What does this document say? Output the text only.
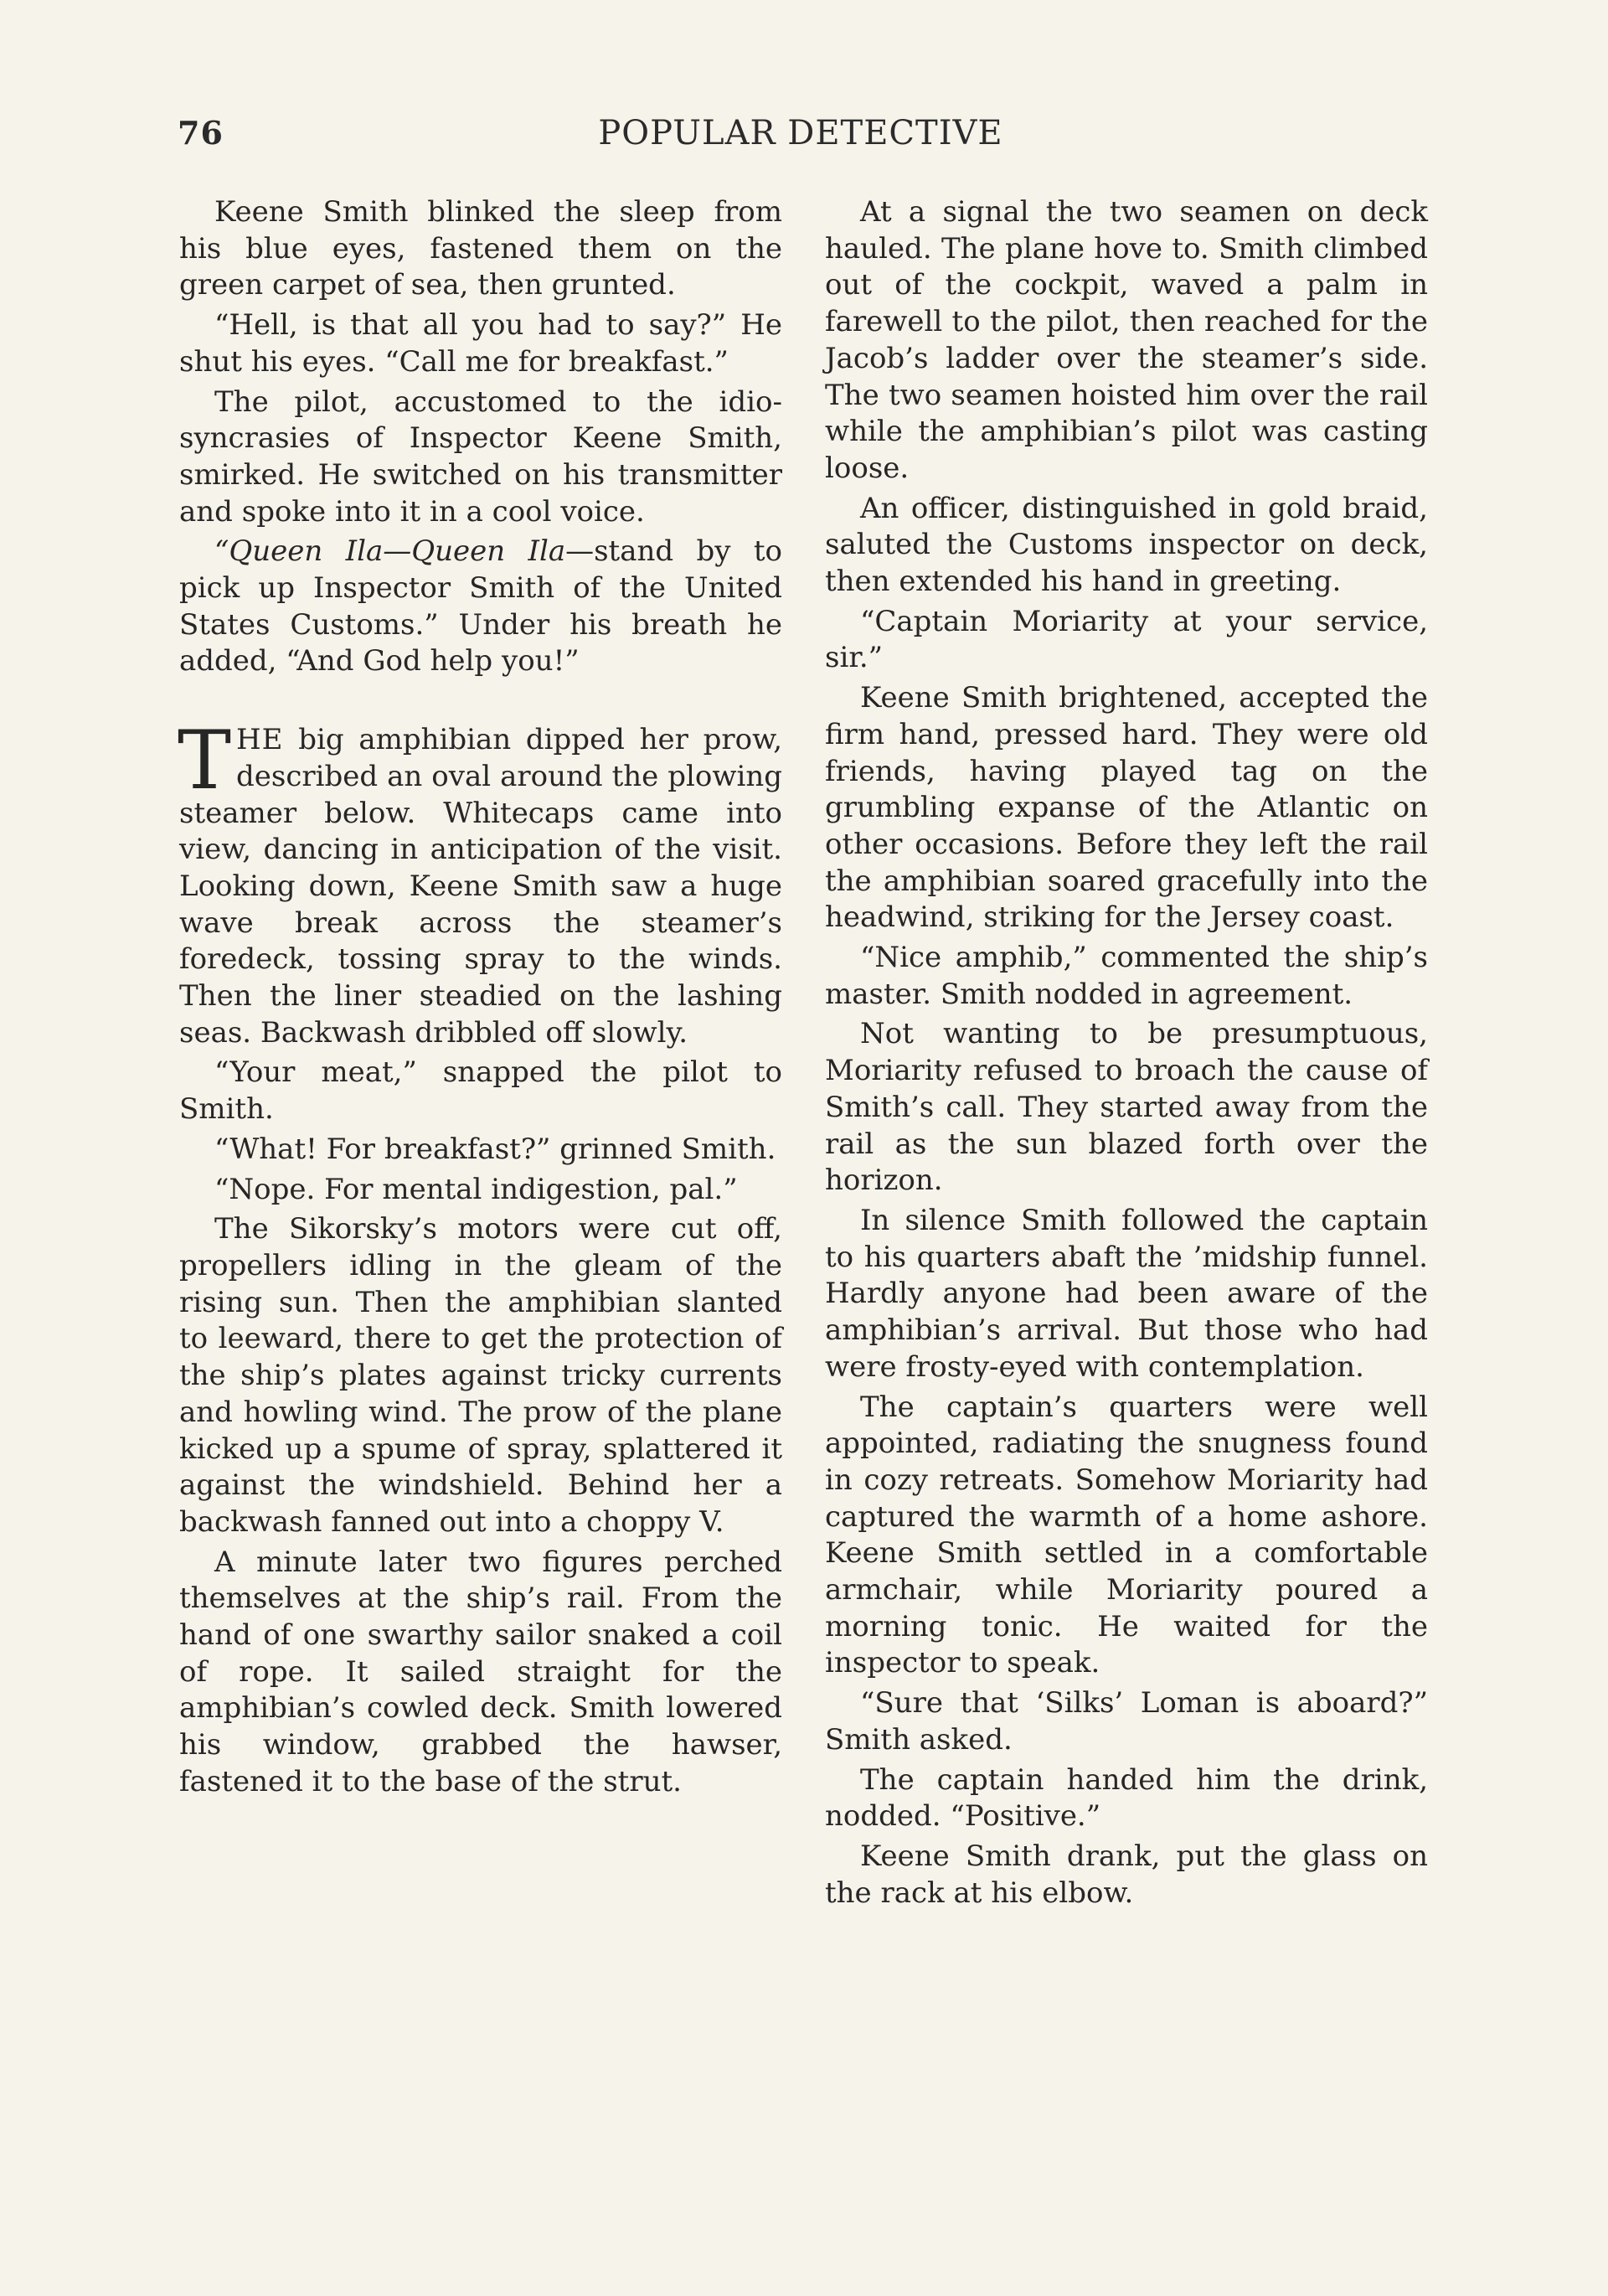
76	POPULAR DETECTIVE

Keene Smith blinked the sleep from his blue eyes, fastened them on the green carpet of sea, then grunted.

“Hell, is that all you had to say?” He shut his eyes. “Call me for breakfast.”

The pilot, accustomed to the idiosyncrasies of Inspector Keene Smith, smirked. He switched on his transmitter and spoke into it in a cool voice.

“Queen Ila—Queen Ila—stand by to pick up Inspector Smith of the United States Customs.” Under his breath he added, “And God help you!”

THE big amphibian dipped her prow, described an oval around the plowing steamer below. Whitecaps came into view, dancing in anticipation of the visit. Looking down, Keene Smith saw a huge wave break across the steamer’s foredeck, tossing spray to the winds. Then the liner steadied on the lashing seas. Backwash dribbled off slowly.

“Your meat,” snapped the pilot to Smith.

“What! For breakfast?” grinned Smith.

“Nope. For mental indigestion, pal.”

The Sikorsky’s motors were cut off, propellers idling in the gleam of the rising sun. Then the amphibian slanted to leeward, there to get the protection of the ship’s plates against tricky currents and howling wind. The prow of the plane kicked up a spume of spray, splattered it against the windshield. Behind her a backwash fanned out into a choppy V.

A minute later two figures perched themselves at the ship’s rail. From the hand of one swarthy sailor snaked a coil of rope. It sailed straight for the amphibian’s cowled deck. Smith lowered his window, grabbed the hawser, fastened it to the base of the strut.

At a signal the two seamen on deck hauled. The plane hove to. Smith climbed out of the cockpit, waved a palm in farewell to the pilot, then reached for the Jacob’s ladder over the steamer’s side. The two seamen hoisted him over the rail while the amphibian’s pilot was casting loose.

An officer, distinguished in gold braid, saluted the Customs inspector on deck, then extended his hand in greeting.

“Captain Moriarity at your service, sir.”

Keene Smith brightened, accepted the firm hand, pressed hard. They were old friends, having played tag on the grumbling expanse of the Atlantic on other occasions. Before they left the rail the amphibian soared gracefully into the headwind, striking for the Jersey coast.

“Nice amphib,” commented the ship’s master. Smith nodded in agreement.

Not wanting to be presumptuous, Moriarity refused to broach the cause of Smith’s call. They started away from the rail as the sun blazed forth over the horizon.

In silence Smith followed the captain to his quarters abaft the ’midship funnel. Hardly anyone had been aware of the amphibian’s arrival. But those who had were frosty-eyed with contemplation.

The captain’s quarters were well appointed, radiating the snugness found in cozy retreats. Somehow Moriarity had captured the warmth of a home ashore. Keene Smith settled in a comfortable armchair, while Moriarity poured a morning tonic. He waited for the inspector to speak.

“Sure that ‘Silks’ Loman is aboard?” Smith asked.

The captain handed him the drink, nodded. “Positive.”

Keene Smith drank, put the glass on the rack at his elbow.
